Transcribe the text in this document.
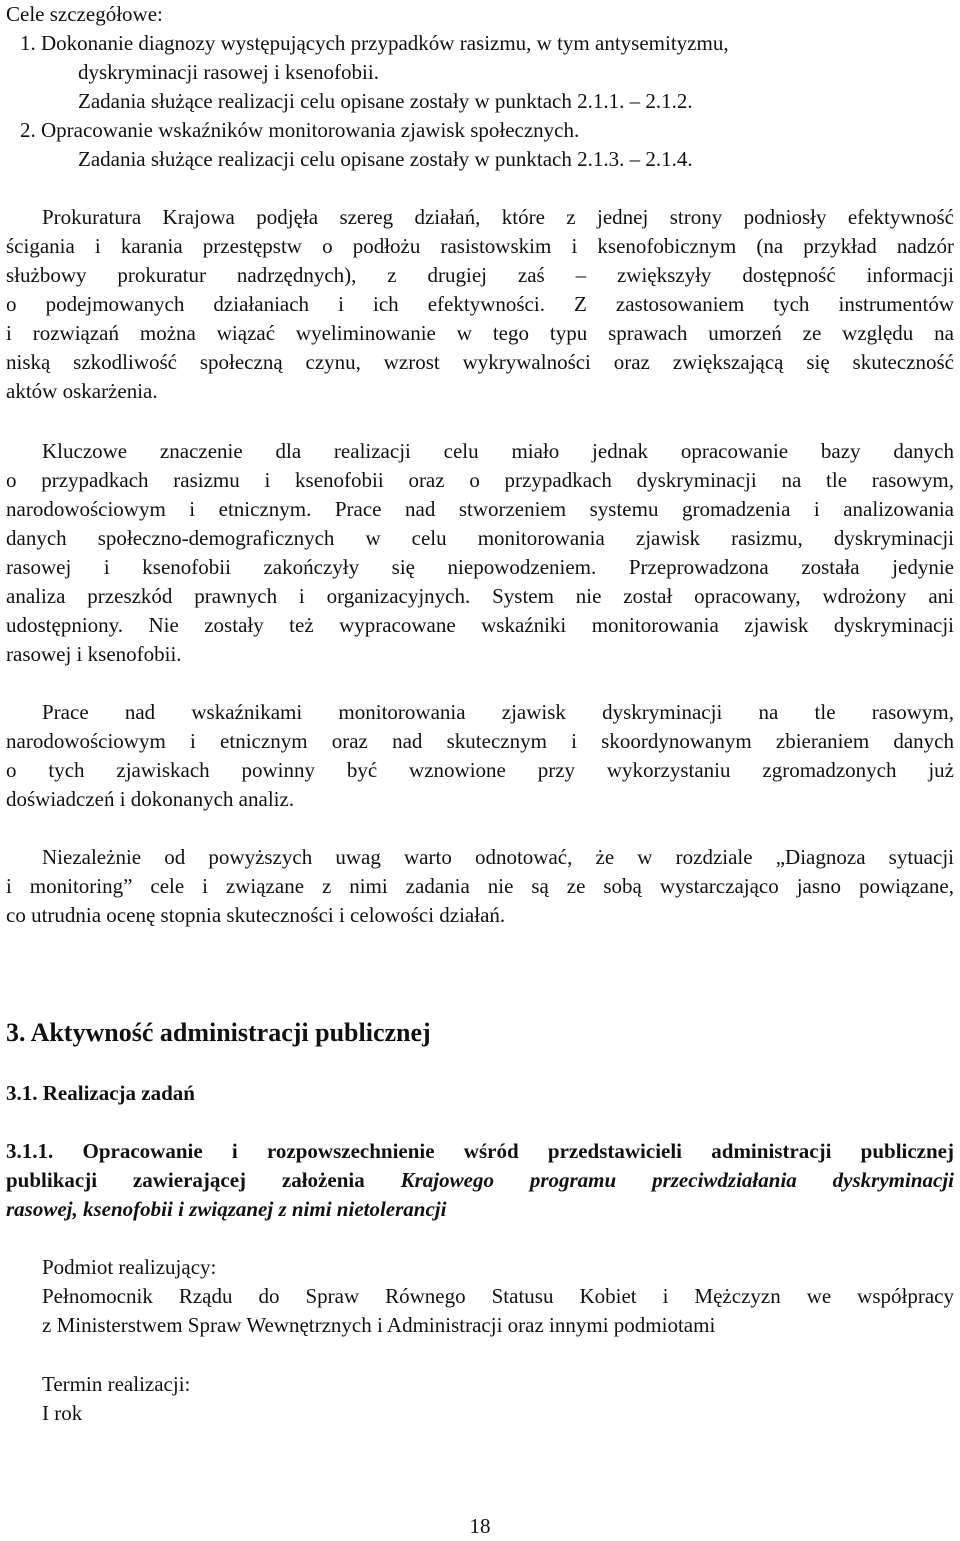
Cele szczegółowe:
1. Dokonanie diagnozy występujących przypadków rasizmu, w tym antysemityzmu,
dyskryminacji rasowej i ksenofobii.
Zadania służące realizacji celu opisane zostały w punktach 2.1.1. – 2.1.2.
2. Opracowanie wskaźników monitorowania zjawisk społecznych.
Zadania służące realizacji celu opisane zostały w punktach 2.1.3. – 2.1.4.
Prokuratura Krajowa podjęła szereg działań, które z jednej strony podniosły efektywność
ścigania i karania przestępstw o podłożu rasistowskim i ksenofobicznym (na przykład nadzór
służbowy prokuratur nadrzędnych), z drugiej zaś – zwiększyły dostępność informacji
o podejmowanych działaniach i ich efektywności. Z zastosowaniem tych instrumentów
i rozwiązań można wiązać wyeliminowanie w tego typu sprawach umorzeń ze względu na
niską szkodliwość społeczną czynu, wzrost wykrywalności oraz zwiększającą się skuteczność
aktów oskarżenia.
Kluczowe znaczenie dla realizacji celu miało jednak opracowanie bazy danych
o przypadkach rasizmu i ksenofobii oraz o przypadkach dyskryminacji na tle rasowym,
narodowościowym i etnicznym. Prace nad stworzeniem systemu gromadzenia i analizowania
danych społeczno-demograficznych w celu monitorowania zjawisk rasizmu, dyskryminacji
rasowej i ksenofobii zakończyły się niepowodzeniem. Przeprowadzona została jedynie
analiza przeszkód prawnych i organizacyjnych. System nie został opracowany, wdrożony ani
udostępniony. Nie zostały też wypracowane wskaźniki monitorowania zjawisk dyskryminacji
rasowej i ksenofobii.
Prace nad wskaźnikami monitorowania zjawisk dyskryminacji na tle rasowym,
narodowościowym i etnicznym oraz nad skutecznym i skoordynowanym zbieraniem danych
o tych zjawiskach powinny być wznowione przy wykorzystaniu zgromadzonych już
doświadczeń i dokonanych analiz.
Niezależnie od powyższych uwag warto odnotować, że w rozdziale „Diagnoza sytuacji
i monitoring” cele i związane z nimi zadania nie są ze sobą wystarczająco jasno powiązane,
co utrudnia ocenę stopnia skuteczności i celowości działań.
3. Aktywność administracji publicznej
3.1. Realizacja zadań
3.1.1. Opracowanie i rozpowszechnienie wśród przedstawicieli administracji publicznej
publikacji zawierającej założenia Krajowego programu przeciwdziałania dyskryminacji
rasowej, ksenofobii i związanej z nimi nietolerancji
Podmiot realizujący:
Pełnomocnik Rządu do Spraw Równego Statusu Kobiet i Mężczyzn we współpracy
z Ministerstwem Spraw Wewnętrznych i Administracji oraz innymi podmiotami
Termin realizacji:
I rok
18
